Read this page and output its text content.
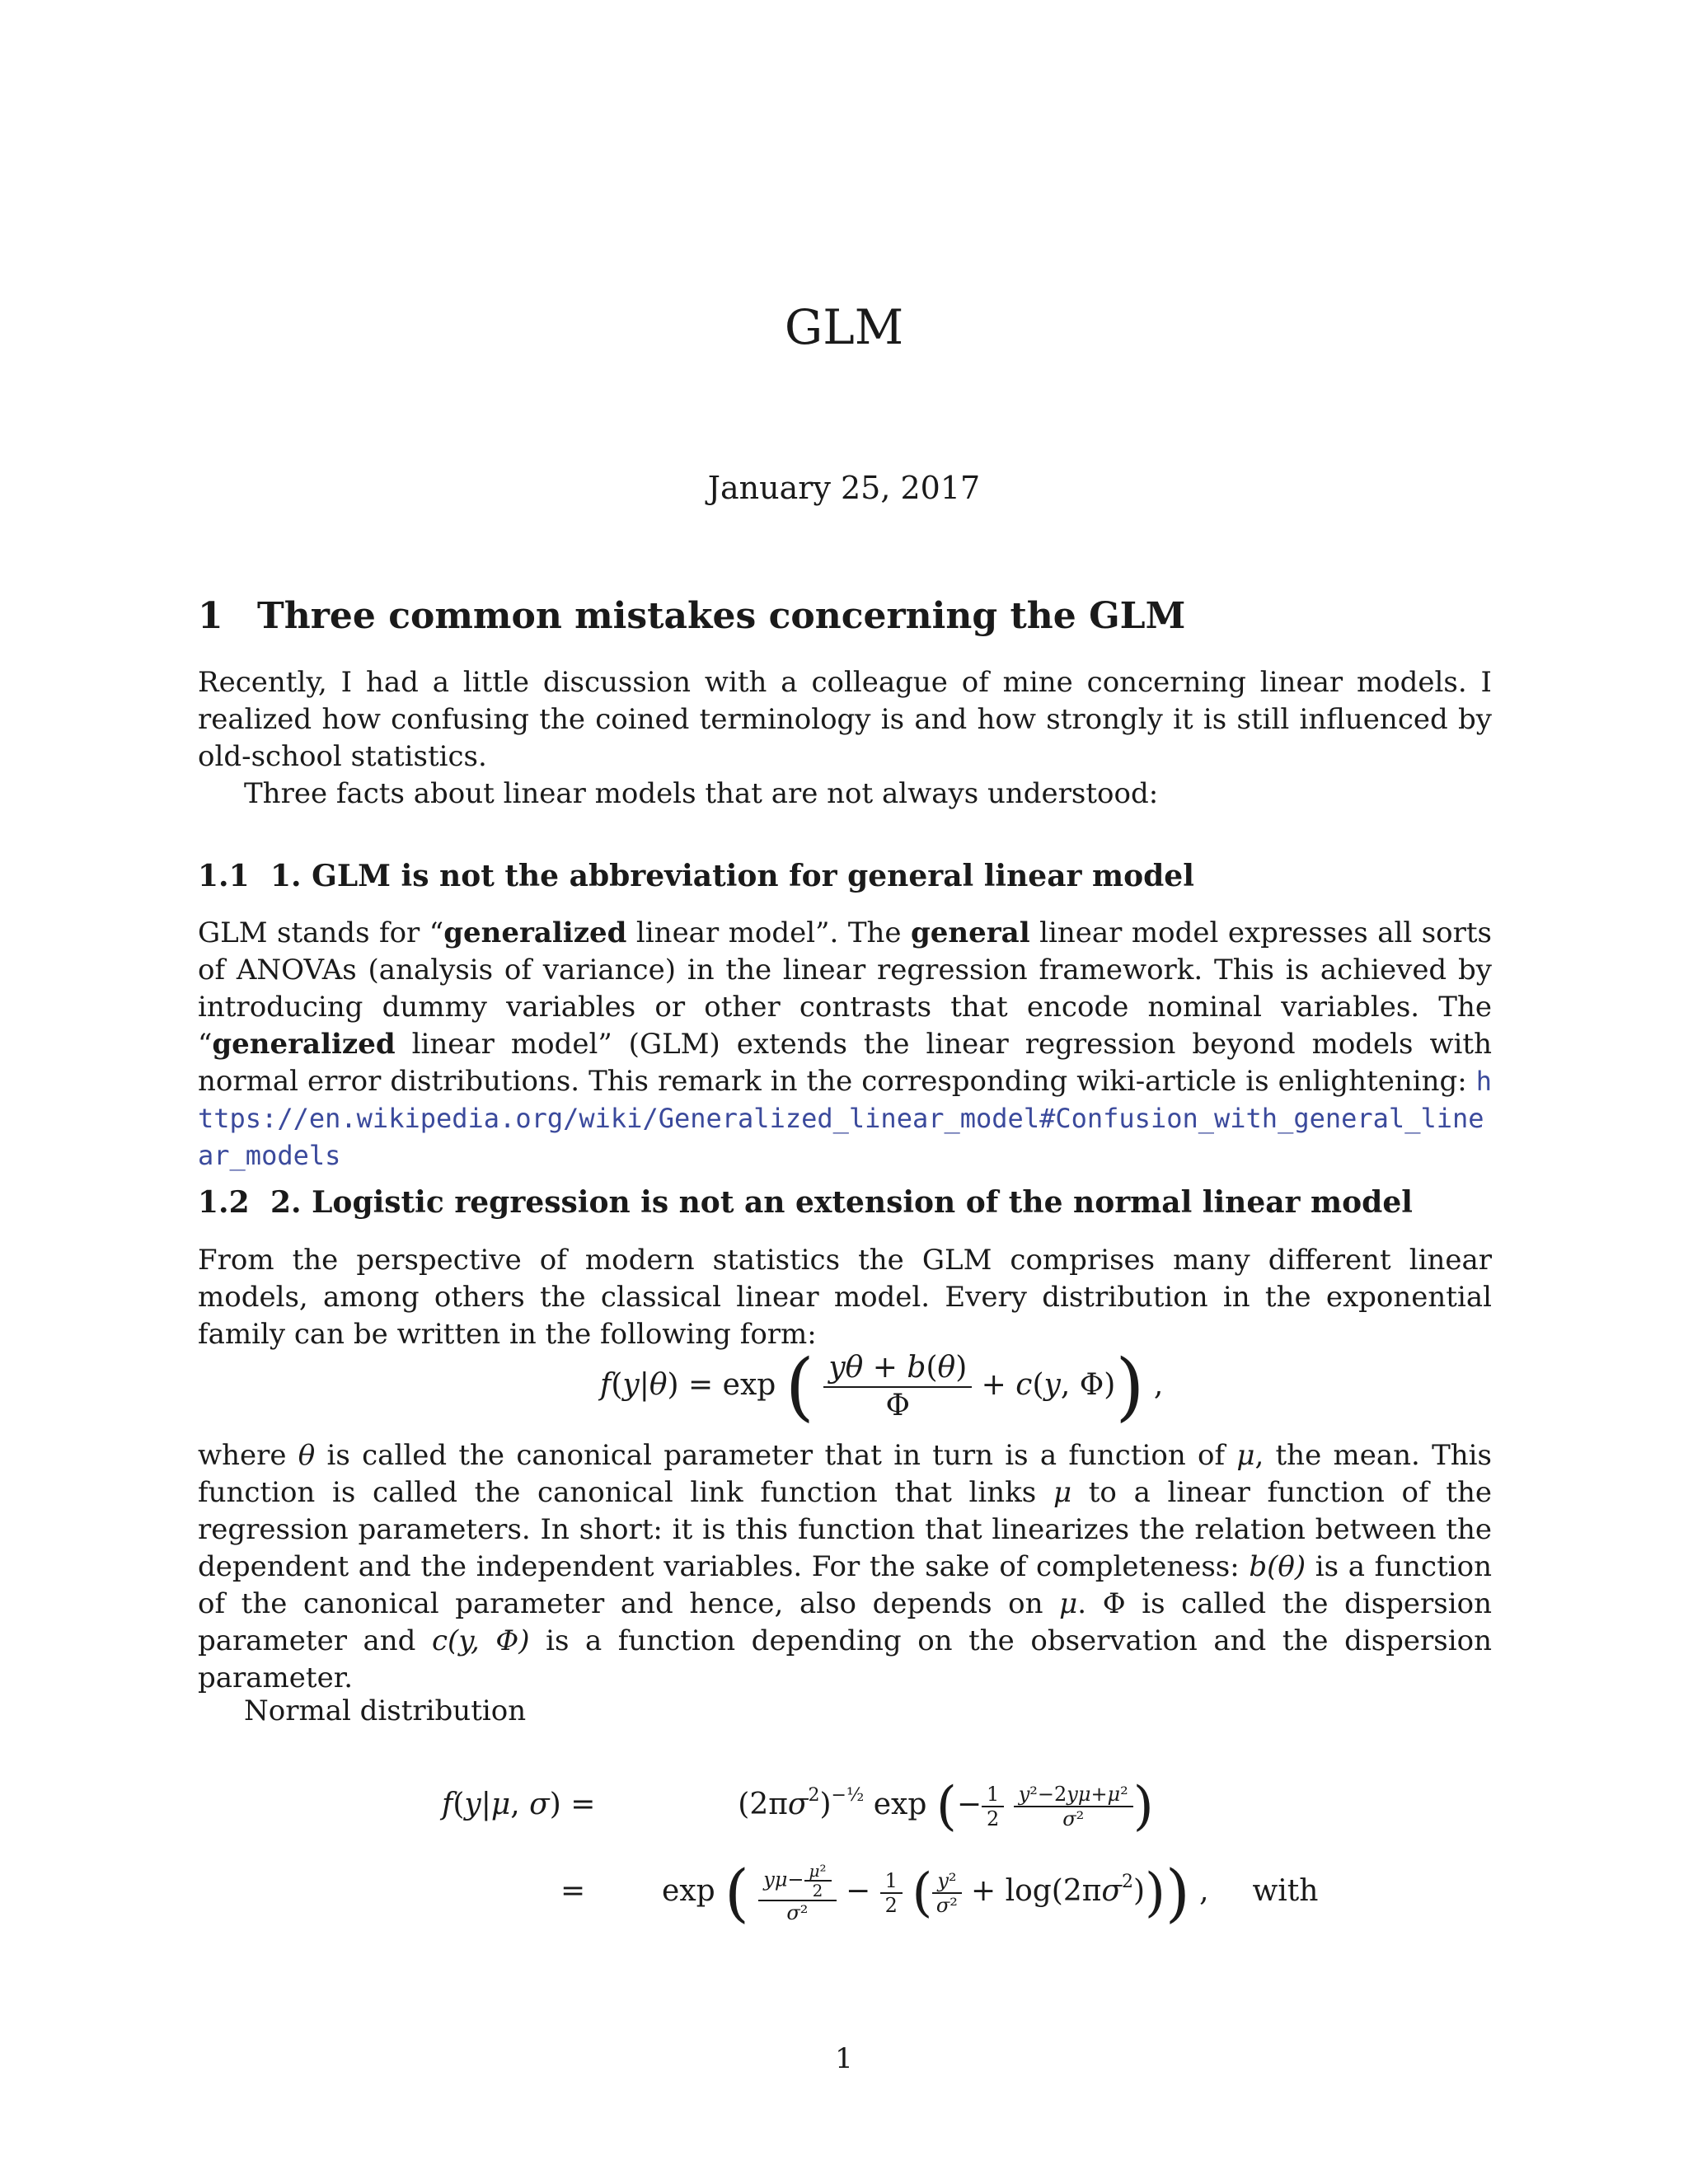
GLM
January 25, 2017
1 Three common mistakes concerning the GLM
Recently, I had a little discussion with a colleague of mine concerning linear models. I realized how confusing the coined terminology is and how strongly it is still influenced by old-school statistics.
Three facts about linear models that are not always understood:
1.1 1. GLM is not the abbreviation for general linear model
GLM stands for “generalized linear model”. The general linear model expresses all sorts of ANOVAs (analysis of variance) in the linear regression framework. This is achieved by introducing dummy variables or other contrasts that encode nominal variables. The “generalized linear model” (GLM) extends the linear regression beyond models with normal error distributions. This remark in the corresponding wiki-article is enlightening: https://en.wikipedia.org/wiki/Generalized_linear_model#Confusion_with_general_linear_models
1.2 2. Logistic regression is not an extension of the normal linear model
From the perspective of modern statistics the GLM comprises many different linear models, among others the classical linear model. Every distribution in the exponential family can be written in the following form:
f(y|θ) = exp ( $\frac{y\theta + b(\theta)}{\Phi} + c(y$, Φ)) ,
where θ is called the canonical parameter that in turn is a function of μ, the mean. This function is called the canonical link function that links μ to a linear function of the regression parameters. In short: it is this function that linearizes the relation between the dependent and the independent variables. For the sake of completeness: b(θ) is a function of the canonical parameter and hence, also depends on μ. Φ is called the dispersion parameter and c(y, Φ) is a function depending on the observation and the dispersion parameter.
Normal distribution
f(y|μ, σ) =	$(2\pi\sigma^2)^{-\frac{1}{2}}$ exp (− $\frac{1}{2}$
$\frac{\text{y²−2yμ+μ²}}{\text{σ²}}$ )
=  exp ( $\frac{y\mu- \frac{\text{μ²}}{2}}{\text{σ²}} - \frac{1}{2}$ ( $\frac{\text{y²}}{\text{σ²}} + \log(2\pi\sigma^2)$)) ,  with
1
